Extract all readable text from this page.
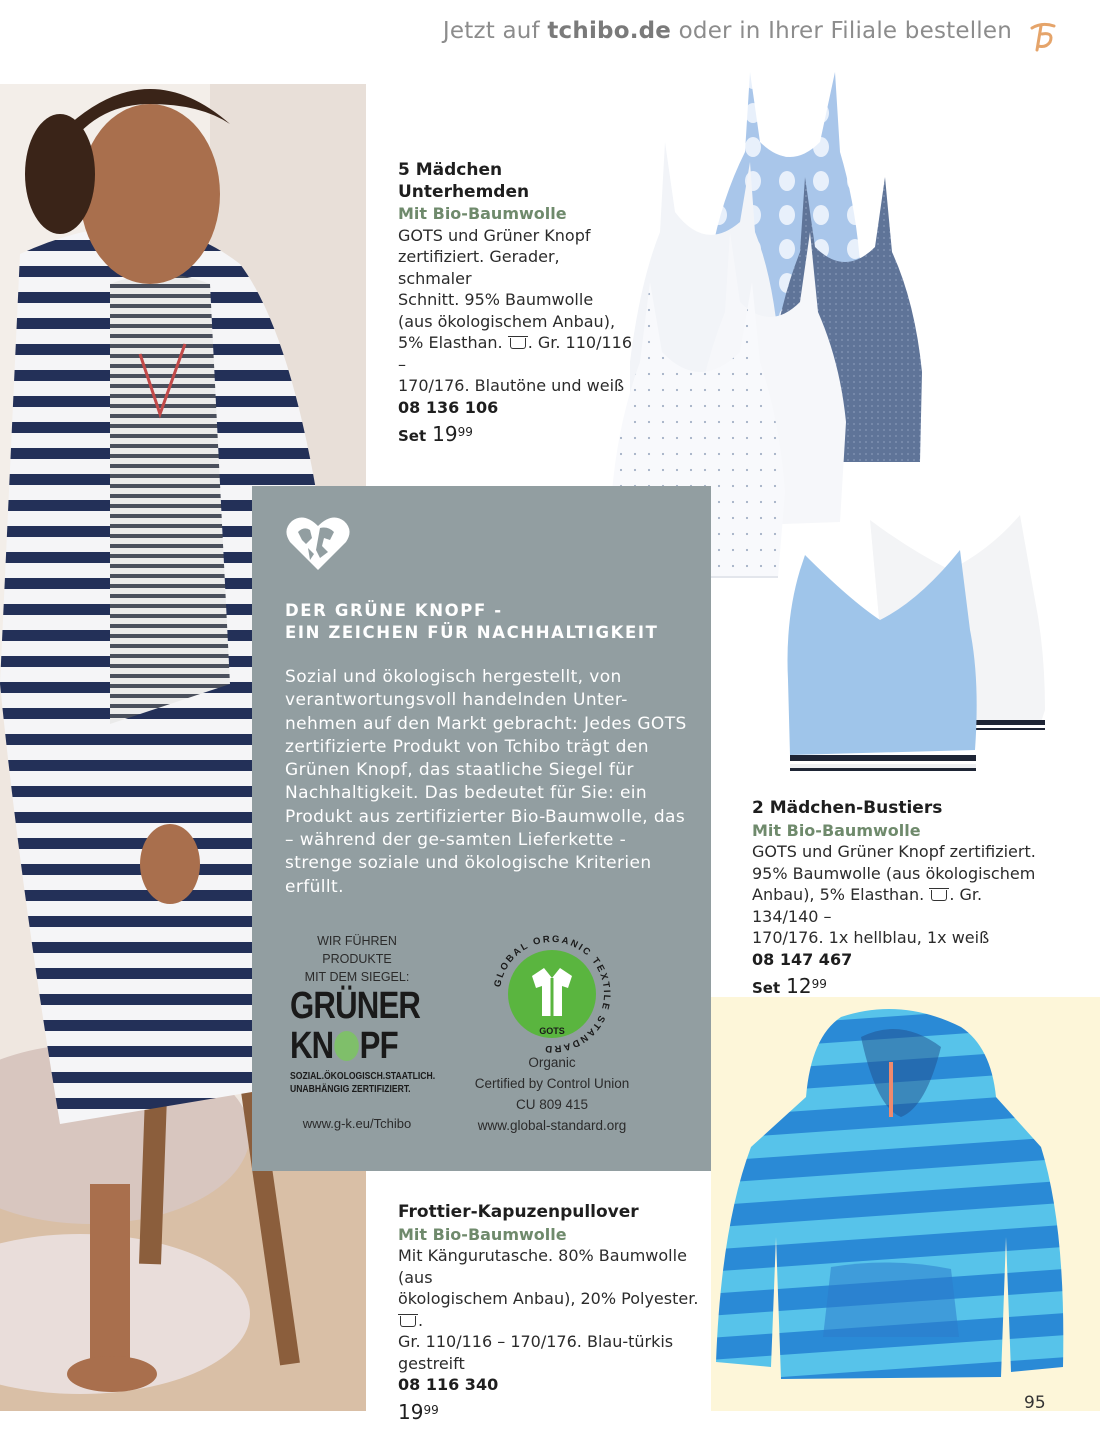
Jetzt auf tchibo.de oder in Ihrer Filiale bestellen
5 Mädchen Unterhemden
Mit Bio-Baumwolle
GOTS und Grüner Knopf
zertifiziert. Gerader, schmaler
Schnitt. 95% Baumwolle
(aus ökologischem Anbau),
5% Elasthan. . Gr. 110/116 –
170/176. Blautöne und weiß
08 136 106
Set $19^{99}$
2 Mädchen-Bustiers
Mit Bio-Baumwolle
GOTS und Grüner Knopf zertifiziert.
95% Baumwolle (aus ökologischem
Anbau), 5% Elasthan. . Gr. 134/140 –
170/176. 1x hellblau, 1x weiß
08 147 467
Set $12^{99}$
Frottier-Kapuzenpullover
Mit Bio-Baumwolle
Mit Kängurutasche. 80% Baumwolle (aus
ökologischem Anbau), 20% Polyester. .
Gr. 110/116 – 170/176. Blau-türkis gestreift
08 116 340
$19^{99}$
DER GRÜNE KNOPF -
EIN ZEICHEN FÜR NACHHALTIGKEIT
Sozial und ökologisch hergestellt, von verantwortungsvoll handelnden Unter-nehmen auf den Markt gebracht: Jedes GOTS zertifizierte Produkt von Tchibo trägt den Grünen Knopf, das staatliche Siegel für Nachhaltigkeit. Das bedeutet für Sie: ein Produkt aus zertifizierter Bio-Baumwolle, das – während der ge-samten Lieferkette - strenge soziale und ökologische Kriterien erfüllt.
WIR FÜHREN PRODUKTE
MIT DEM SIEGEL:
GRÜNER
KN PF
SOZIAL.ÖKOLOGISCH.STAATLICH.
UNABHÄNGIG ZERTIFIZIERT.
www.g-k.eu/Tchibo
GLOBAL ORGANIC TEXTILE STANDARD
GOTS
Organic
Certified by Control Union
CU 809 415
www.global-standard.org
95
